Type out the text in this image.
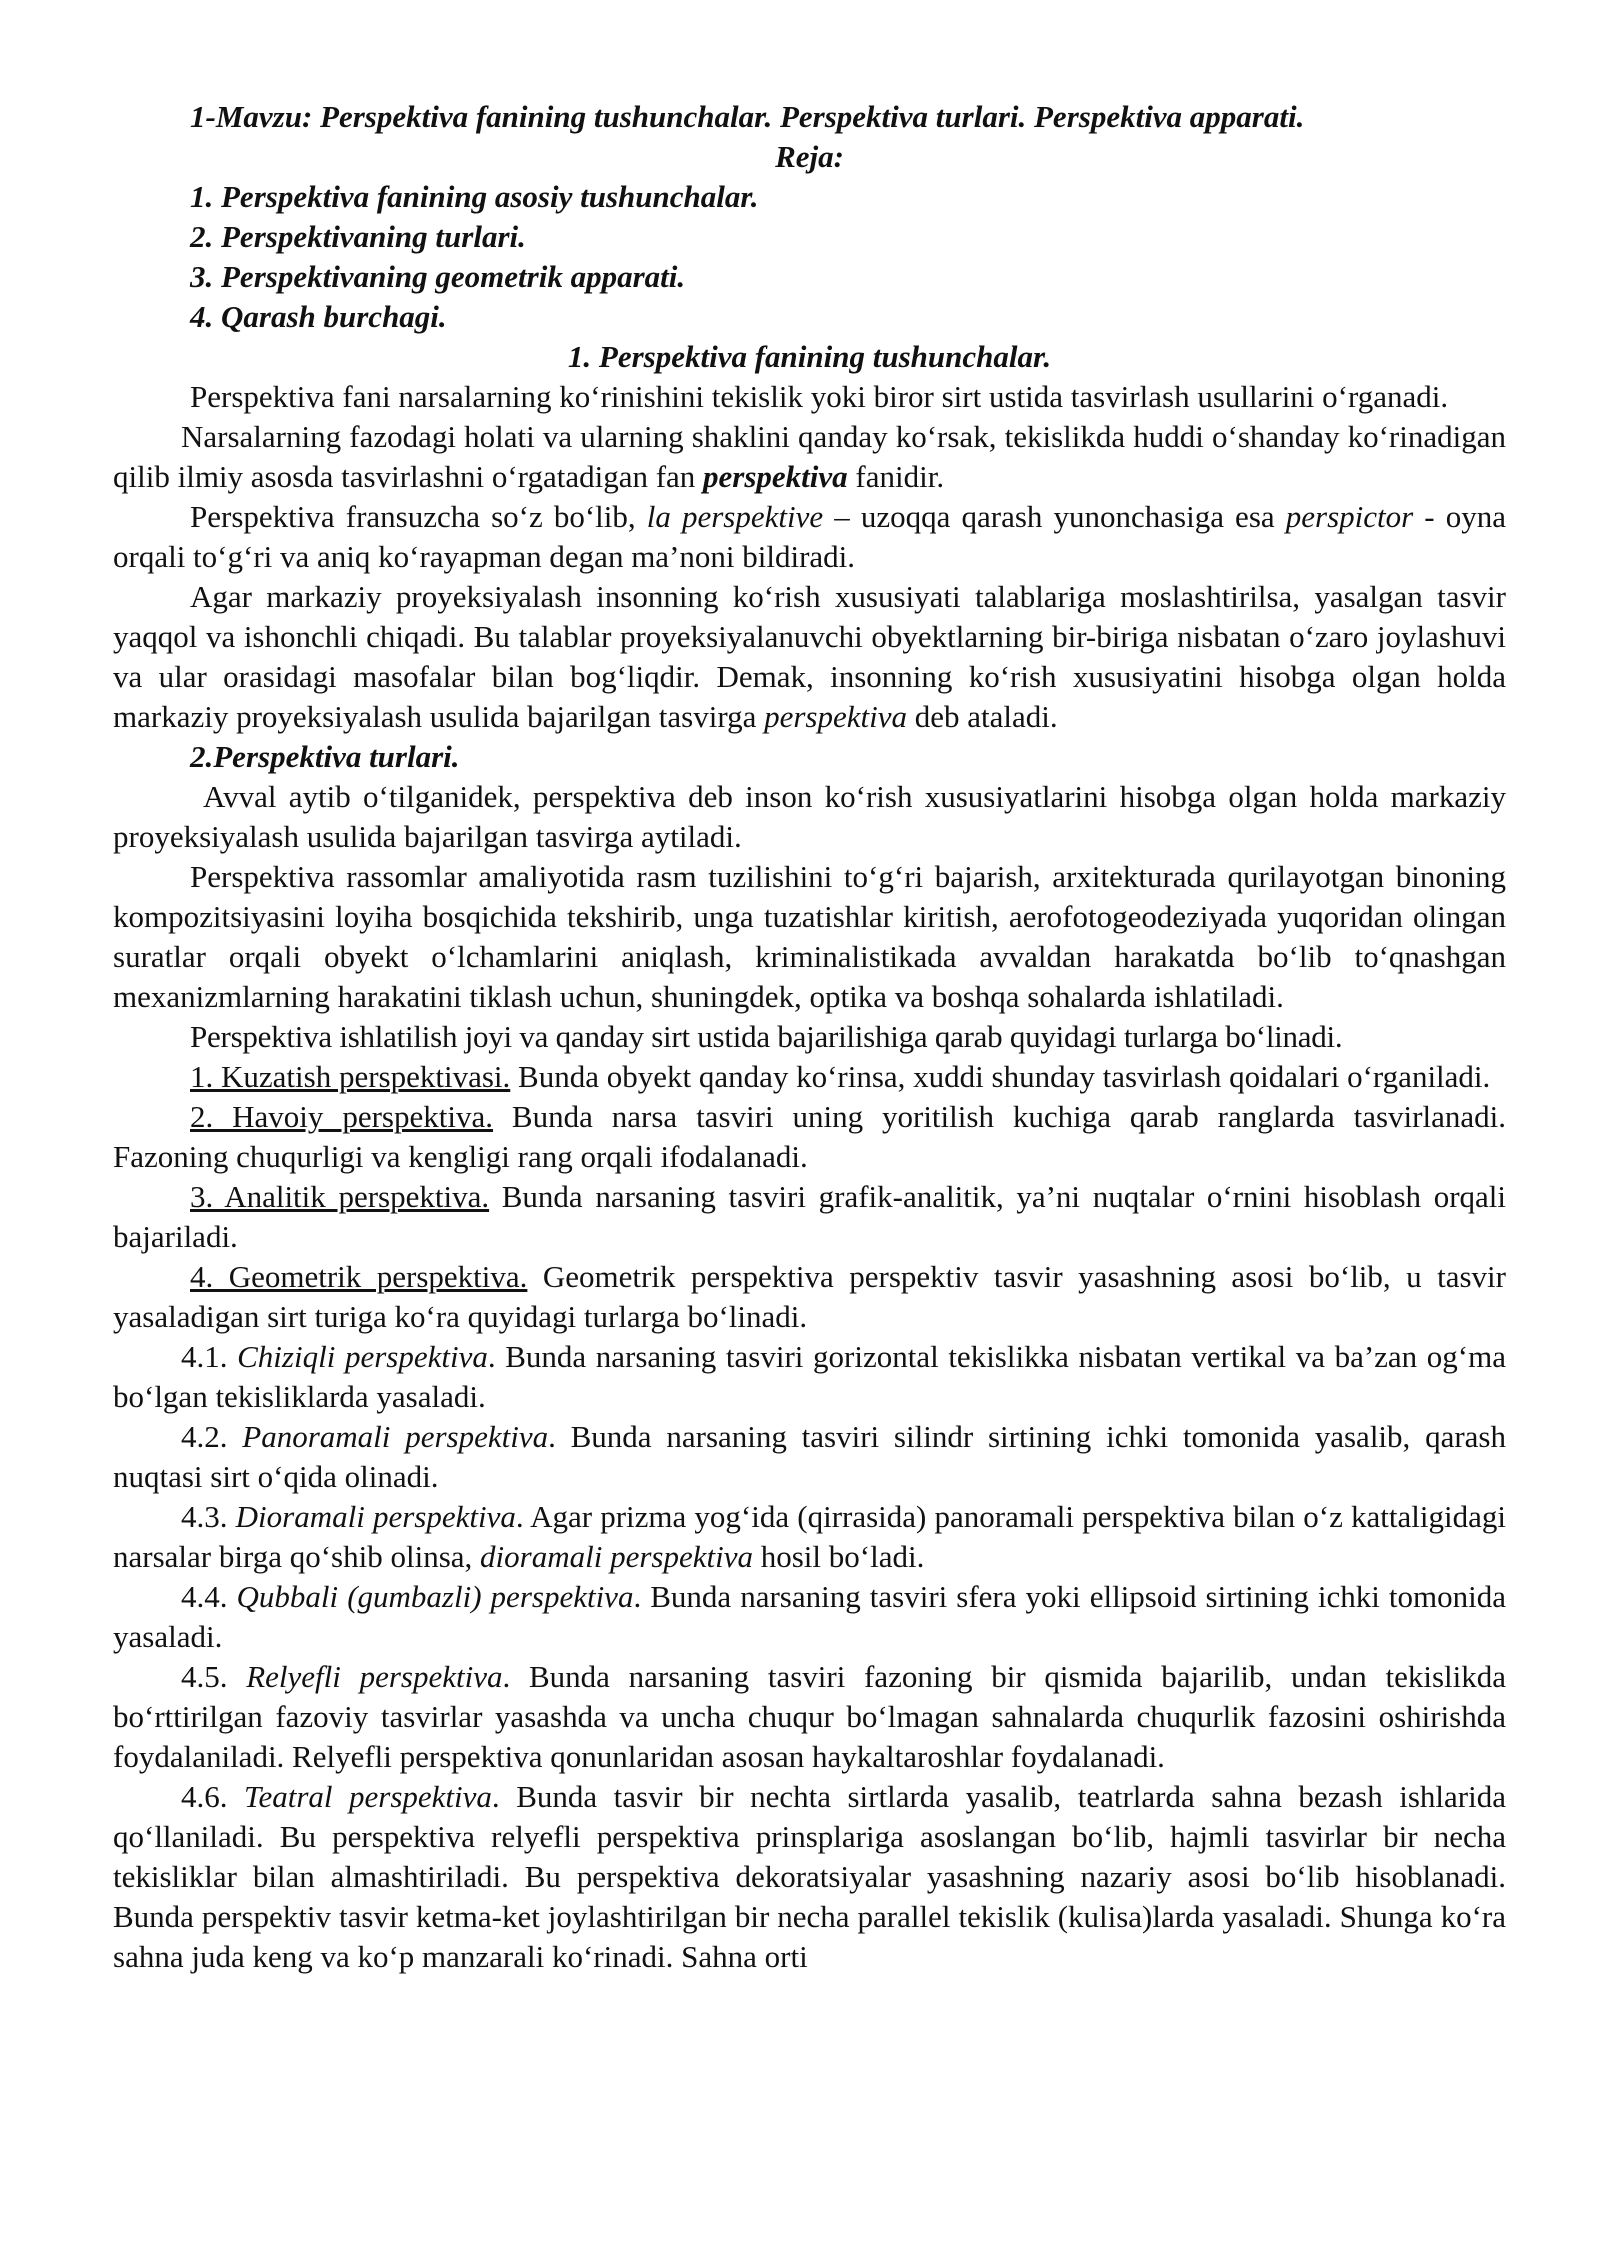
1-Mavzu: Perspektiva fanining tushunchalar. Perspektiva turlari. Perspektiva apparati.

Reja:

1. Perspektiva fanining asosiy tushunchalar.

2. Perspektivaning turlari.

3. Perspektivaning geometrik apparati.

4. Qarash burchagi.

1. Perspektiva fanining tushunchalar.

Perspektiva fani narsalarning ko‘rinishini tekislik yoki biror sirt ustida tasvirlash usullarini o‘rganadi.

Narsalarning fazodagi holati va ularning shaklini qanday ko‘rsak, tekislikda huddi o‘shanday ko‘rinadigan qilib ilmiy asosda tasvirlashni o‘rgatadigan fan perspektiva fanidir.

Perspektiva fransuzcha so‘z bo‘lib, la perspektive – uzoqqa qarash yunonchasiga esa perspictor - oyna orqali to‘g‘ri va aniq ko‘rayapman degan ma’noni bildiradi.

Agar markaziy proyeksiyalash insonning ko‘rish xususiyati talablariga moslashtirilsa, yasalgan tasvir yaqqol va ishonchli chiqadi. Bu talablar proyeksiyalanuvchi obyektlarning bir-biriga nisbatan o‘zaro joylashuvi va ular orasidagi masofalar bilan bog‘liqdir. Demak, insonning ko‘rish xususiyatini hisobga olgan holda markaziy proyeksiyalash usulida bajarilgan tasvirga perspektiva deb ataladi.

2.Perspektiva turlari.

Avval aytib o‘tilganidek, perspektiva deb inson ko‘rish xususiyatlarini hisobga olgan holda markaziy proyeksiyalash usulida bajarilgan tasvirga aytiladi.

Perspektiva rassomlar amaliyotida rasm tuzilishini to‘g‘ri bajarish, arxitekturada qurilayotgan binoning kompozitsiyasini loyiha bosqichida tekshirib, unga tuzatishlar kiritish, aerofotogeodeziyada yuqoridan olingan suratlar orqali obyekt o‘lchamlarini aniqlash, kriminalistikada avvaldan harakatda bo‘lib to‘qnashgan mexanizmlarning harakatini tiklash uchun, shuningdek, optika va boshqa sohalarda ishlatiladi.

Perspektiva ishlatilish joyi va qanday sirt ustida bajarilishiga qarab quyidagi turlarga bo‘linadi.

1. Kuzatish perspektivasi. Bunda obyekt qanday ko‘rinsa, xuddi shunday tasvirlash qoidalari o‘rganiladi.

2. Havoiy perspektiva. Bunda narsa tasviri uning yoritilish kuchiga qarab ranglarda tasvirlanadi. Fazoning chuqurligi va kengligi rang orqali ifodalanadi.

3. Analitik perspektiva. Bunda narsaning tasviri grafik-analitik, ya’ni nuqtalar o‘rnini hisoblash orqali bajariladi.

4. Geometrik perspektiva. Geometrik perspektiva perspektiv tasvir yasashning asosi bo‘lib, u tasvir yasaladigan sirt turiga ko‘ra quyidagi turlarga bo‘linadi.

4.1. Chiziqli perspektiva. Bunda narsaning tasviri gorizontal tekislikka nisbatan vertikal va ba’zan og‘ma bo‘lgan tekisliklarda yasaladi.

4.2. Panoramali perspektiva. Bunda narsaning tasviri silindr sirtining ichki tomonida yasalib, qarash nuqtasi sirt o‘qida olinadi.

4.3. Dioramali perspektiva. Agar prizma yog‘ida (qirrasida) panoramali perspektiva bilan o‘z kattaligidagi narsalar birga qo‘shib olinsa, dioramali perspektiva hosil bo‘ladi.

4.4. Qubbali (gumbazli) perspektiva. Bunda narsaning tasviri sfera yoki ellipsoid sirtining ichki tomonida yasaladi.

4.5. Relyefli perspektiva. Bunda narsaning tasviri fazoning bir qismida bajarilib, undan tekislikda bo‘rttirilgan fazoviy tasvirlar yasashda va uncha chuqur bo‘lmagan sahnalarda chuqurlik fazosini oshirishda foydalaniladi. Relyefli perspektiva qonunlaridan asosan haykaltaroshlar foydalanadi.

4.6. Teatral perspektiva. Bunda tasvir bir nechta sirtlarda yasalib, teatrlarda sahna bezash ishlarida qo‘llaniladi. Bu perspektiva relyefli perspektiva prinsplariga asoslangan bo‘lib, hajmli tasvirlar bir necha tekisliklar bilan almashtiriladi. Bu perspektiva dekoratsiyalar yasashning nazariy asosi bo‘lib hisoblanadi. Bunda perspektiv tasvir ketma-ket joylashtirilgan bir necha parallel tekislik (kulisa)larda yasaladi. Shunga ko‘ra sahna juda keng va ko‘p manzarali ko‘rinadi. Sahna orti
